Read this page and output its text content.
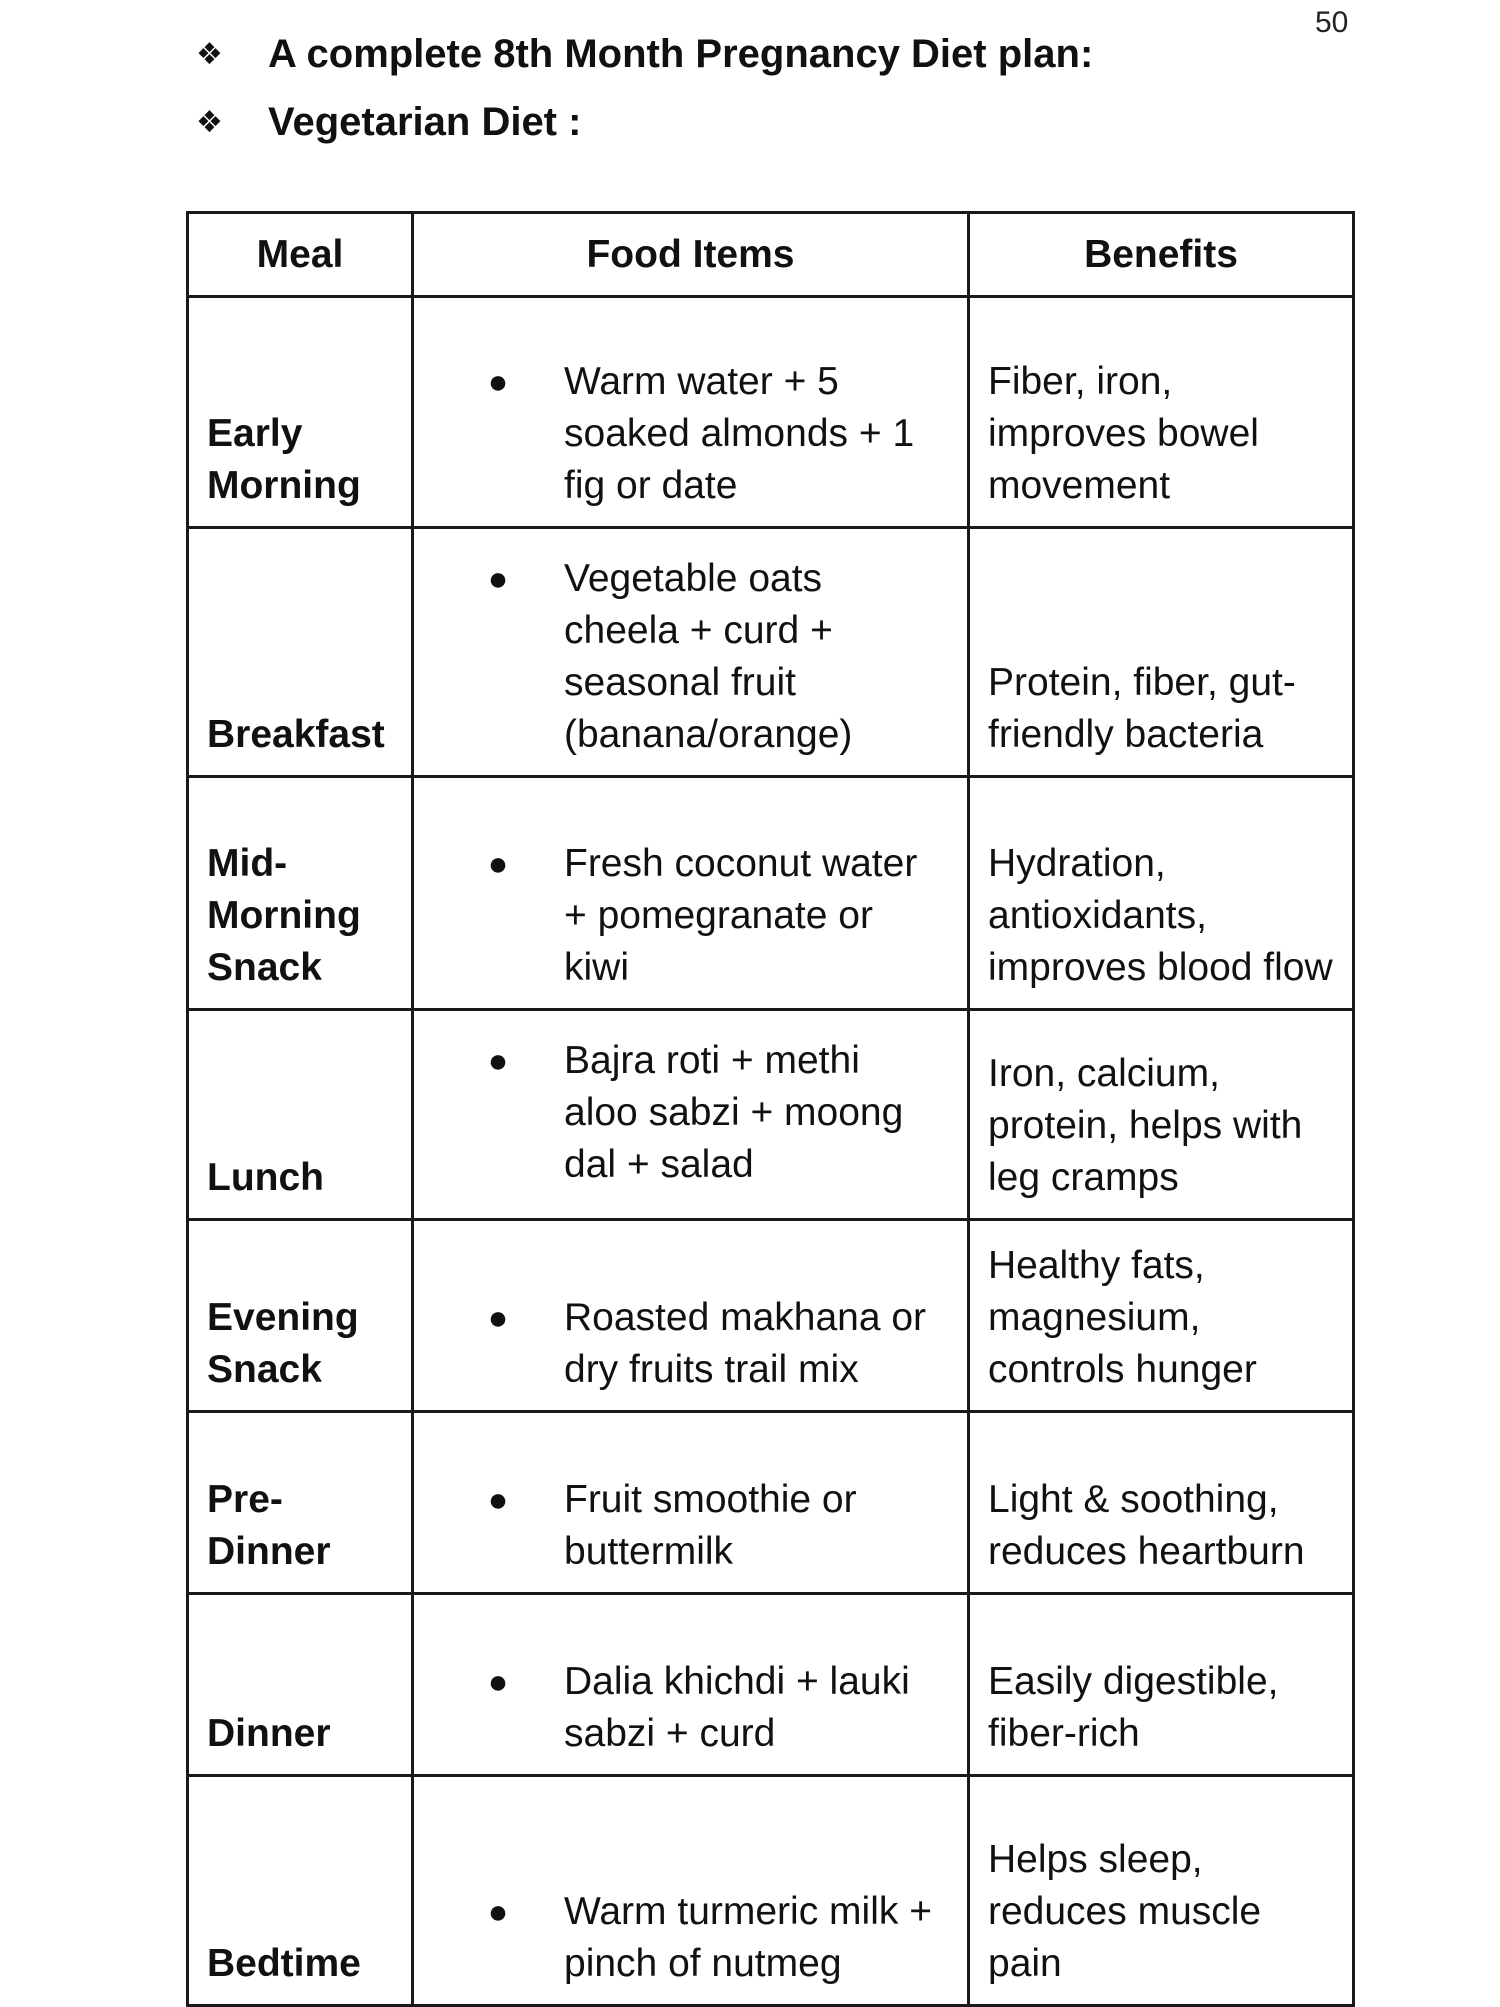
50
❖	A complete 8th Month Pregnancy Diet plan:
❖	Vegetarian Diet :
Meal	Food Items	Benefits
Early Morning	● Warm water + 5 soaked almonds + 1 fig or date	Fiber, iron, improves bowel movement
Breakfast	● Vegetable oats cheela + curd + seasonal fruit (banana/orange)	Protein, fiber, gut-friendly bacteria
Mid-Morning Snack	● Fresh coconut water + pomegranate or kiwi	Hydration, antioxidants, improves blood flow
Lunch	● Bajra roti + methi aloo sabzi + moong dal + salad	Iron, calcium, protein, helps with leg cramps
Evening Snack	● Roasted makhana or dry fruits trail mix	Healthy fats, magnesium, controls hunger
Pre-Dinner	● Fruit smoothie or buttermilk	Light & soothing, reduces heartburn
Dinner	● Dalia khichdi + lauki sabzi + curd	Easily digestible, fiber-rich
Bedtime	● Warm turmeric milk + pinch of nutmeg	Helps sleep, reduces muscle pain
